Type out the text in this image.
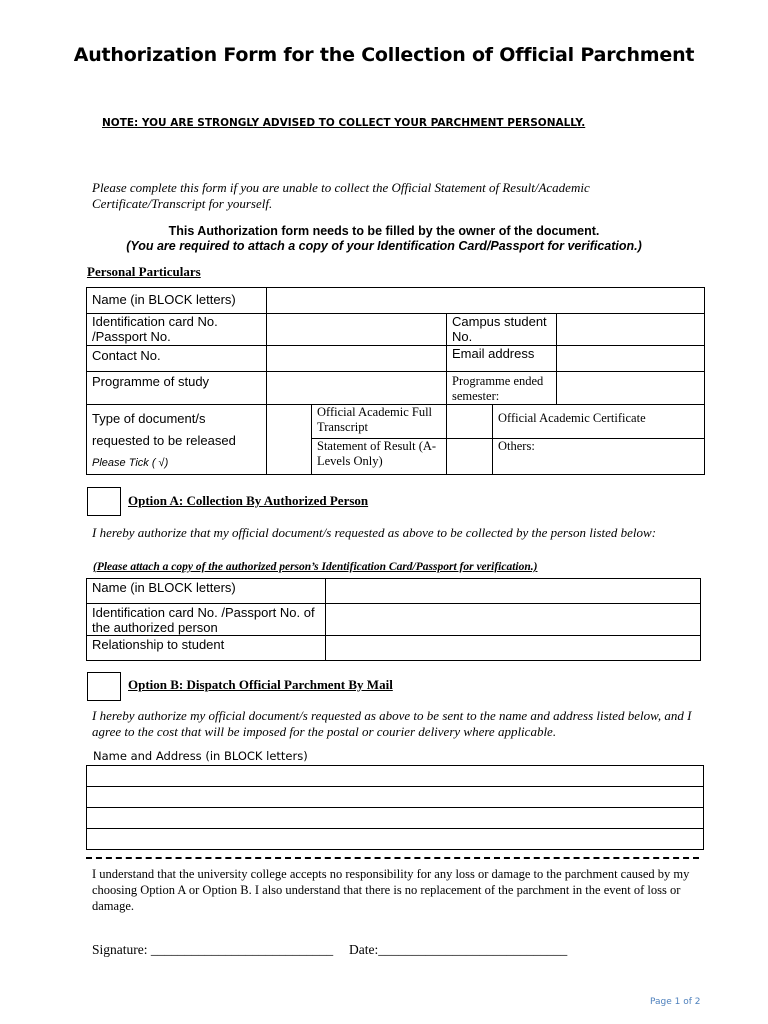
Authorization Form for the Collection of Official Parchment
NOTE: YOU ARE STRONGLY ADVISED TO COLLECT YOUR PARCHMENT PERSONALLY.
Please complete this form if you are unable to collect the Official Statement of Result/Academic Certificate/Transcript for yourself.
This Authorization form needs to be filled by the owner of the document.
(You are required to attach a copy of your Identification Card/Passport for verification.)
Personal Particulars
Name (in BLOCK letters)					
Identification card No. /Passport No.			Campus student No.		
Contact No.			Email address		
Programme of study			Programme ended semester:		

Type of document/s
requested to be released
Please Tick ( √)		Official Academic Full Transcript		Official Academic Certificate	
		Statement of Result (A-Levels Only)		Others:	
Option A: Collection By Authorized Person
I hereby authorize that my official document/s requested as above to be collected by the person listed below:
(Please attach a copy of the authorized person’s Identification Card/Passport for verification.)
Name (in BLOCK letters)	
Identification card No. /Passport No. of the authorized person	
Relationship to student	
Option B: Dispatch Official Parchment By Mail
I hereby authorize my official document/s requested as above to be sent to the name and address listed below, and I agree to the cost that will be imposed for the postal or courier delivery where applicable.
Name and Address (in BLOCK letters)

I understand that the university college accepts no responsibility for any loss or damage to the parchment caused by my choosing Option A or Option B. I also understand that there is no replacement of the parchment in the event of loss or damage.
Signature: ___________________________ Date:____________________________
Page 1 of 2
